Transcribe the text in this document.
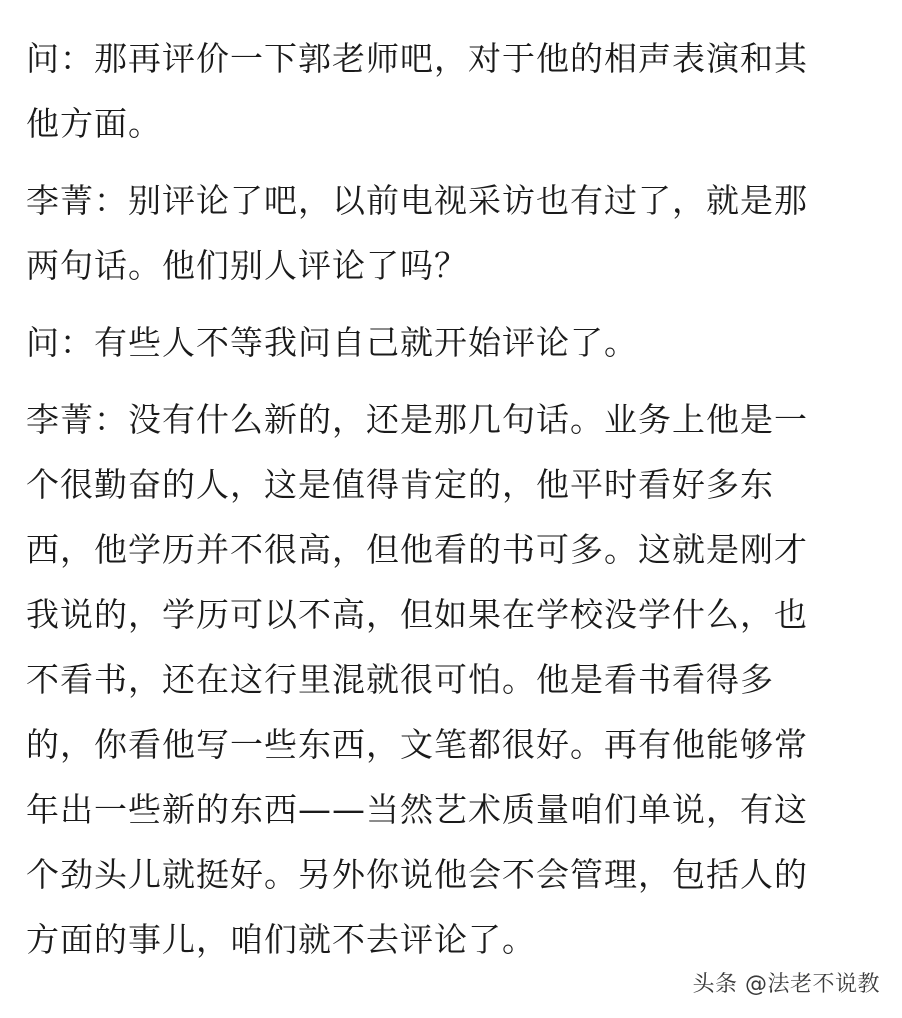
问：那再评价一下郭老师吧，对于他的相声表演和其
他方面。
李菁：别评论了吧，以前电视采访也有过了，就是那
两句话。他们别人评论了吗？
问：有些人不等我问自己就开始评论了。
李菁：没有什么新的，还是那几句话。业务上他是一
个很勤奋的人，这是值得肯定的，他平时看好多东
西，他学历并不很高，但他看的书可多。这就是刚才
我说的，学历可以不高，但如果在学校没学什么，也
不看书，还在这行里混就很可怕。他是看书看得多
的，你看他写一些东西，文笔都很好。再有他能够常
年出一些新的东西——当然艺术质量咱们单说，有这
个劲头儿就挺好。另外你说他会不会管理，包括人的
方面的事儿，咱们就不去评论了。
头条 @法老不说教
